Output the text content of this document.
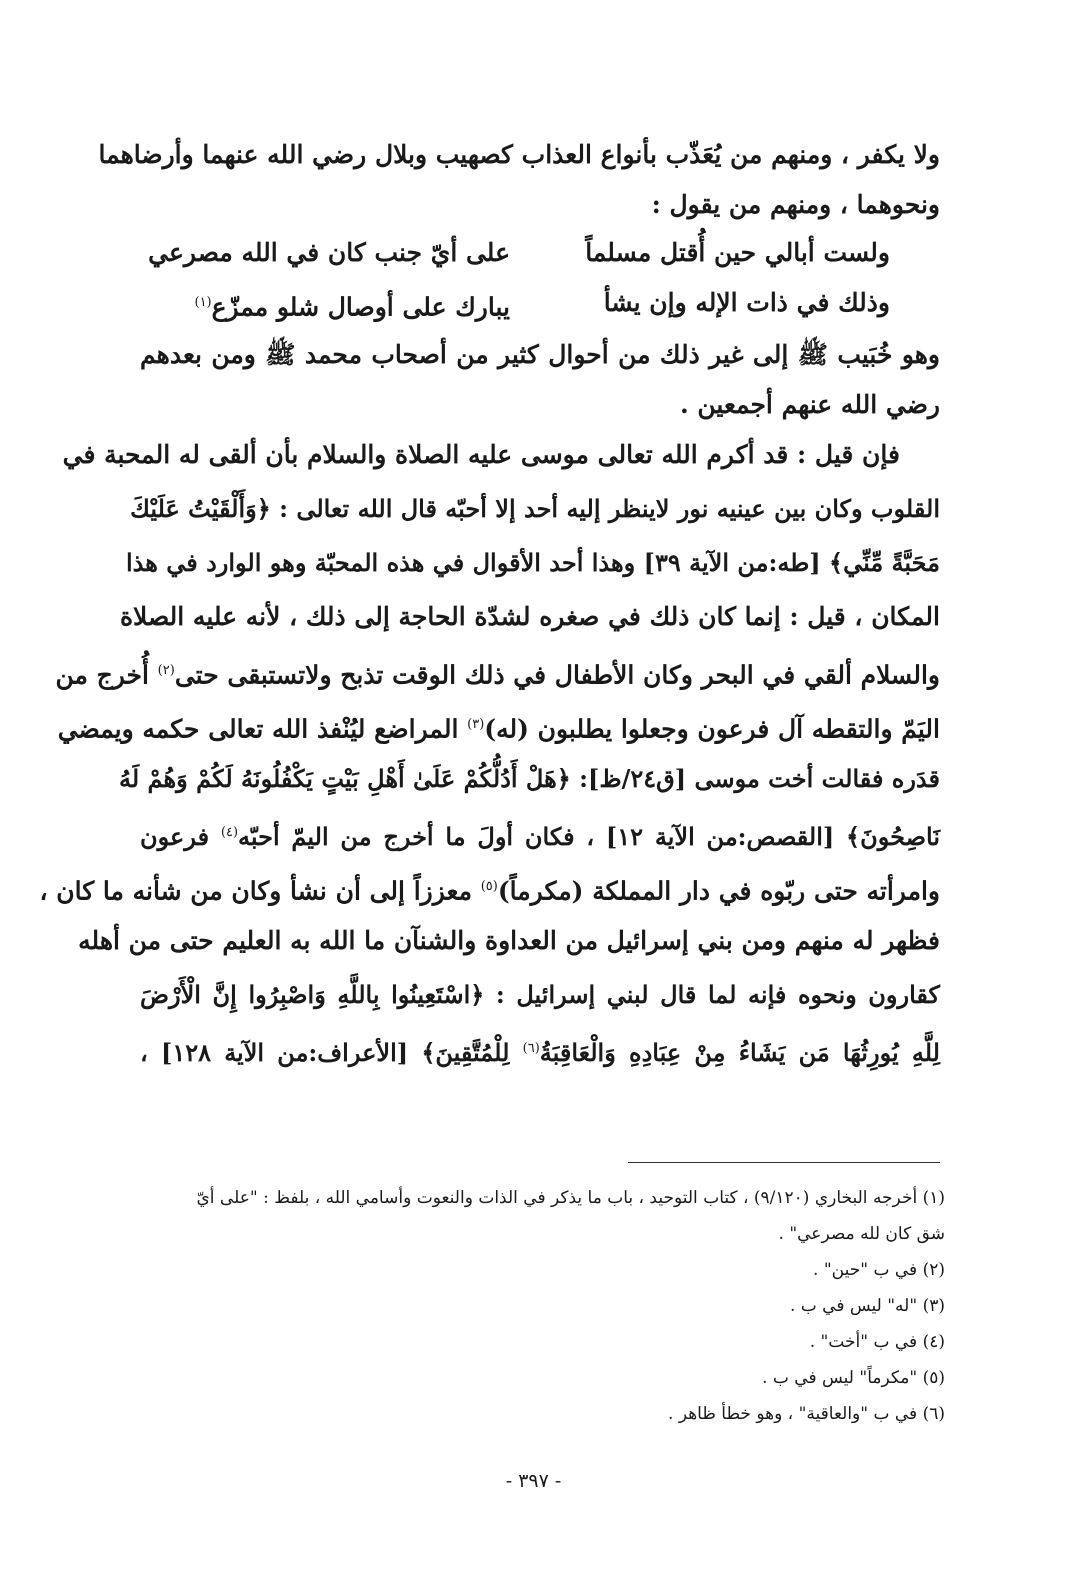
ولا يكفر ، ومنهم من يُعَذّب بأنواع العذاب كصهيب وبلال رضي الله عنهما وأرضاهما
ونحوهما ، ومنهم من يقول :
ولست أبالي حين أُقتل مسلماً
على أيّ جنب كان في الله مصرعي
وذلك في ذات الإله وإن يشأ
يبارك على أوصال شلو ممزّع$^{(١)}$
وهو خُبَيب ﷺ إلى غير ذلك من أحوال كثير من أصحاب محمد ﷺ ومن بعدهم
رضي الله عنهم أجمعين .
فإن قيل : قد أكرم الله تعالى موسى عليه الصلاة والسلام بأن ألقى له المحبة في
القلوب وكان بين عينيه نور لاينظر إليه أحد إلا أحبّه قال الله تعالى : ﴿وَأَلْقَيْتُ عَلَيْكَ
مَحَبَّةً مِّنِّي﴾ [طه:من الآية ٣٩] وهذا أحد الأقوال في هذه المحبّة وهو الوارد في هذا
المكان ، قيل : إنما كان ذلك في صغره لشدّة الحاجة إلى ذلك ، لأنه عليه الصلاة
والسلام ألقي في البحر وكان الأطفال في ذلك الوقت تذبح ولاتستبقى حتى$^{(٢)}$ أُخرج من
اليَمّ والتقطه آل فرعون وجعلوا يطلبون (له)$^{(٣)}$ المراضع ليُنْفذ الله تعالى حكمه ويمضي
قدَره فقالت أخت موسى [ق٢٤/ظ]: ﴿هَلْ أَدُلُّكُمْ عَلَىٰ أَهْلِ بَيْتٍ يَكْفُلُونَهُ لَكُمْ وَهُمْ لَهُ
نَاصِحُونَ﴾ [القصص:من الآية ١٢] ، فكان أولَ ما أخرج من اليمّ أحبّه$^{(٤)}$ فرعون
وامرأته حتى ربّوه في دار المملكة (مكرماً)$^{(٥)}$ معززاً إلى أن نشأ وكان من شأنه ما كان ،
فظهر له منهم ومن بني إسرائيل من العداوة والشنآن ما الله به العليم حتى من أهله
كقارون ونحوه فإنه لما قال لبني إسرائيل : ﴿اسْتَعِينُوا بِاللَّهِ وَاصْبِرُوا إِنَّ الْأَرْضَ
لِلَّهِ يُورِثُهَا مَن يَشَاءُ مِنْ عِبَادِهِ وَالْعَاقِبَةُ$^{(٦)}$ لِلْمُتَّقِينَ﴾ [الأعراف:من الآية ١٢٨] ،
(١) أخرجه البخاري (٩/١٢٠) ، كتاب التوحيد ، باب ما يذكر في الذات والنعوت وأسامي الله ، بلفظ : "على أيّ
شق كان لله مصرعي" .
(٢) في ب "حين" .
(٣) "له" ليس في ب .
(٤) في ب "أخت" .
(٥) "مكرماً" ليس في ب .
(٦) في ب "والعاقية" ، وهو خطأ ظاهر .
- ٣٩٧ -
